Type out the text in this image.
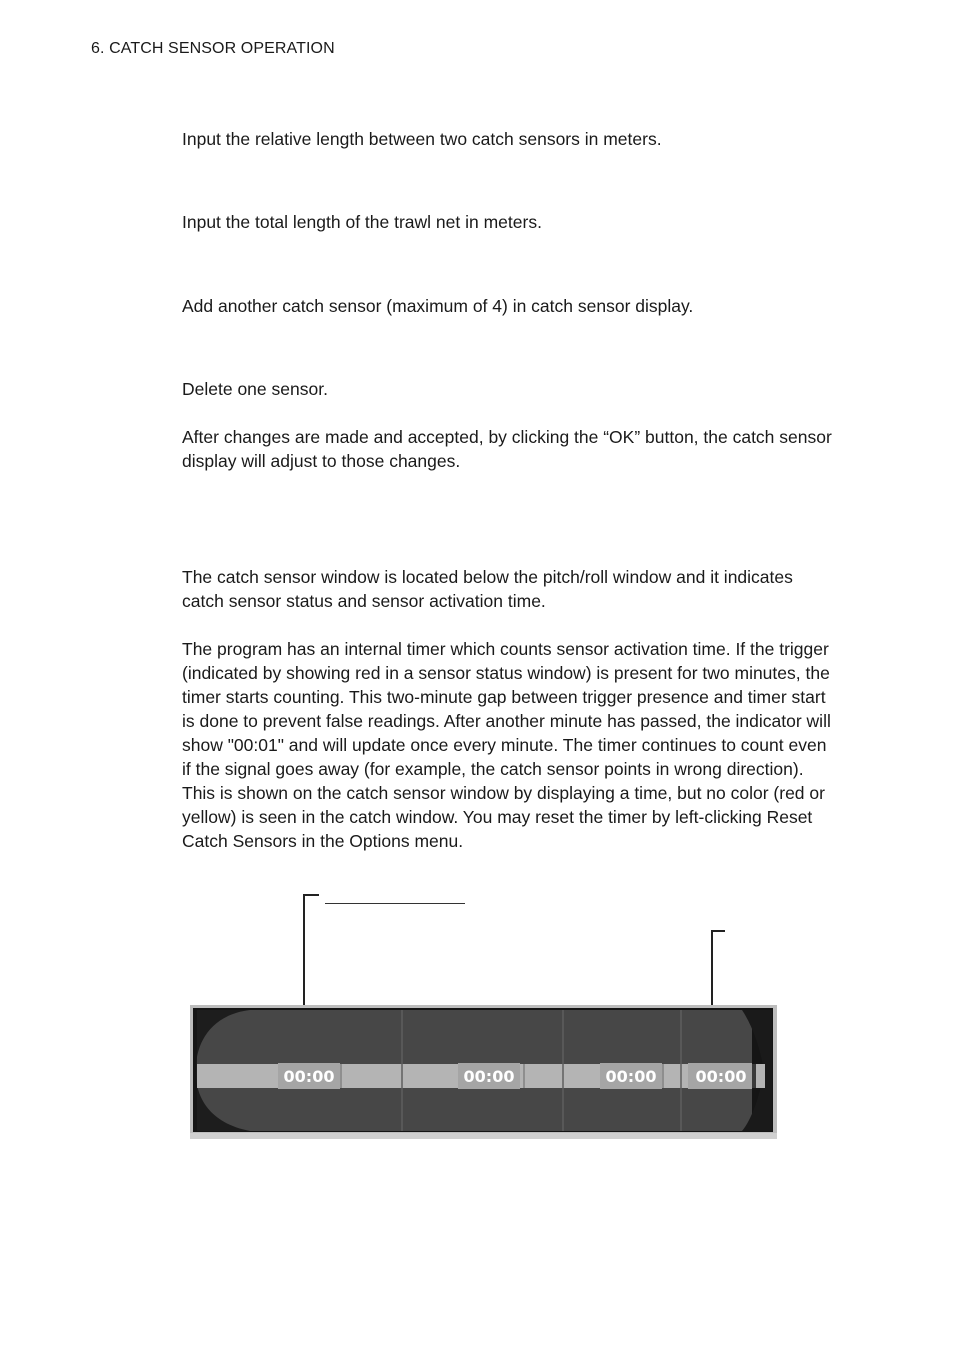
6. CATCH SENSOR OPERATION

Input the relative length between two catch sensors in meters.

Input the total length of the trawl net in meters.

Add another catch sensor (maximum of 4) in catch sensor display.

Delete one sensor.

After changes are made and accepted, by clicking the “OK” button, the catch sensor display will adjust to those changes.

The catch sensor window is located below the pitch/roll window and it indicates catch sensor status and sensor activation time.

The program has an internal timer which counts sensor activation time. If the trigger (indicated by showing red in a sensor status window) is present for two minutes, the timer starts counting. This two-minute gap between trigger presence and timer start is done to prevent false readings. After another minute has passed, the indicator will show "00:01" and will update once every minute. The timer continues to count even if the signal goes away (for example, the catch sensor points in wrong direction). This is shown on the catch sensor window by displaying a time, but no color (red or yellow) is seen in the catch window. You may reset the timer by left-clicking Reset Catch Sensors in the Options menu.

00:00	00:00	00:00 00:00
